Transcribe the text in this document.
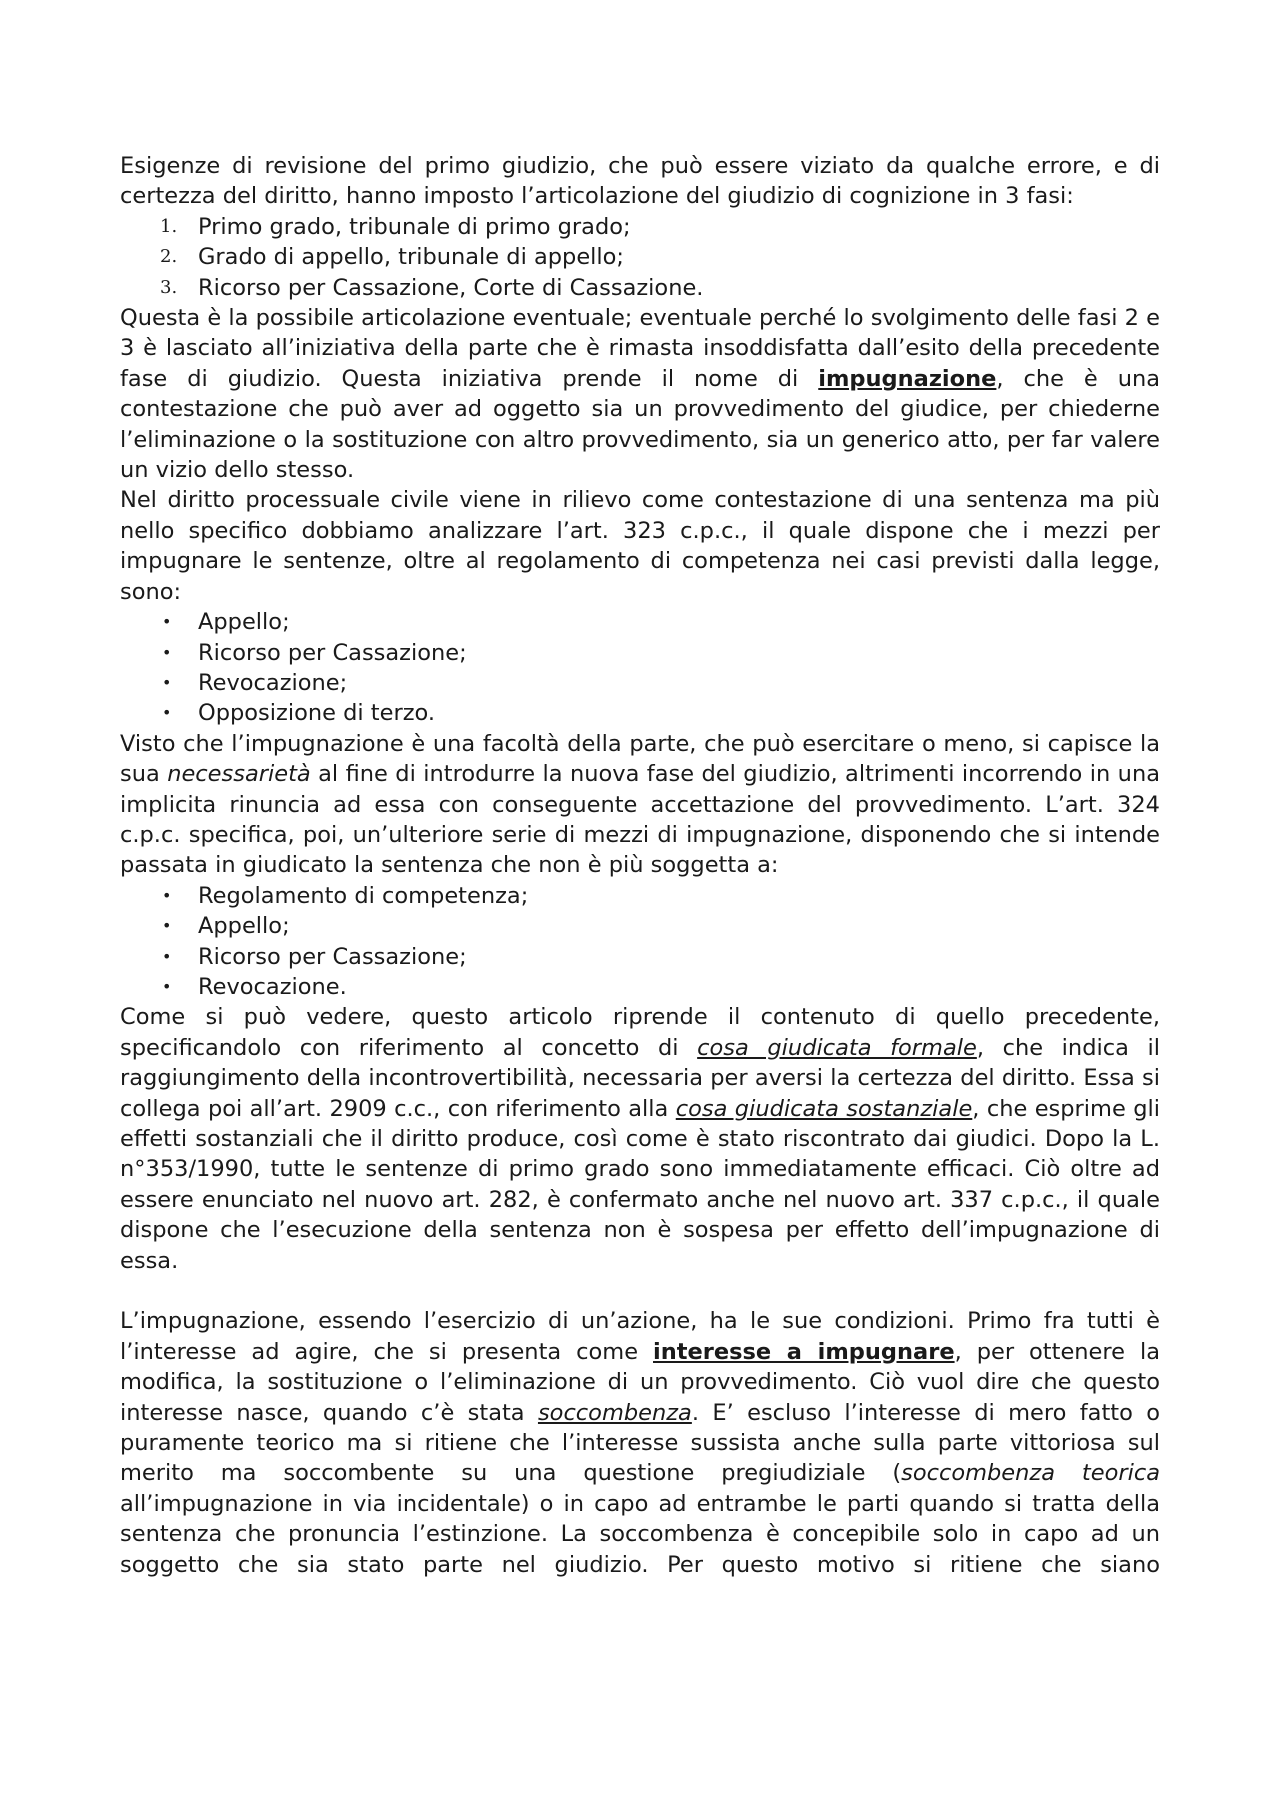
Esigenze di revisione del primo giudizio, che può essere viziato da qualche errore, e di certezza del diritto, hanno imposto l’articolazione del giudizio di cognizione in 3 fasi:

1. Primo grado, tribunale di primo grado;
2. Grado di appello, tribunale di appello;
3. Ricorso per Cassazione, Corte di Cassazione.

Questa è la possibile articolazione eventuale; eventuale perché lo svolgimento delle fasi 2 e 3 è lasciato all’iniziativa della parte che è rimasta insoddisfatta dall’esito della precedente fase di giudizio. Questa iniziativa prende il nome di impugnazione, che è una contestazione che può aver ad oggetto sia un provvedimento del giudice, per chiederne l’eliminazione o la sostituzione con altro provvedimento, sia un generico atto, per far valere un vizio dello stesso.

Nel diritto processuale civile viene in rilievo come contestazione di una sentenza ma più nello specifico dobbiamo analizzare l’art. 323 c.p.c., il quale dispone che i mezzi per impugnare le sentenze, oltre al regolamento di competenza nei casi previsti dalla legge, sono:

• Appello;
• Ricorso per Cassazione;
• Revocazione;
• Opposizione di terzo.

Visto che l’impugnazione è una facoltà della parte, che può esercitare o meno, si capisce la sua necessarietà al fine di introdurre la nuova fase del giudizio, altrimenti incorrendo in una implicita rinuncia ad essa con conseguente accettazione del provvedimento. L’art. 324 c.p.c. specifica, poi, un’ulteriore serie di mezzi di impugnazione, disponendo che si intende passata in giudicato la sentenza che non è più soggetta a:

• Regolamento di competenza;
• Appello;
• Ricorso per Cassazione;
• Revocazione.

Come si può vedere, questo articolo riprende il contenuto di quello precedente, specificandolo con riferimento al concetto di cosa giudicata formale, che indica il raggiungimento della incontrovertibilità, necessaria per aversi la certezza del diritto. Essa si collega poi all’art. 2909 c.c., con riferimento alla cosa giudicata sostanziale, che esprime gli effetti sostanziali che il diritto produce, così come è stato riscontrato dai giudici. Dopo la L. n°353/1990, tutte le sentenze di primo grado sono immediatamente efficaci. Ciò oltre ad essere enunciato nel nuovo art. 282, è confermato anche nel nuovo art. 337 c.p.c., il quale dispone che l’esecuzione della sentenza non è sospesa per effetto dell’impugnazione di essa.

L’impugnazione, essendo l’esercizio di un’azione, ha le sue condizioni. Primo fra tutti è l’interesse ad agire, che si presenta come interesse a impugnare, per ottenere la modifica, la sostituzione o l’eliminazione di un provvedimento. Ciò vuol dire che questo interesse nasce, quando c’è stata soccombenza. E’ escluso l’interesse di mero fatto o puramente teorico ma si ritiene che l’interesse sussista anche sulla parte vittoriosa sul merito ma soccombente su una questione pregiudiziale (soccombenza teorica all’impugnazione in via incidentale) o in capo ad entrambe le parti quando si tratta della sentenza che pronuncia l’estinzione. La soccombenza è concepibile solo in capo ad un soggetto che sia stato parte nel giudizio. Per questo motivo si ritiene che siano
